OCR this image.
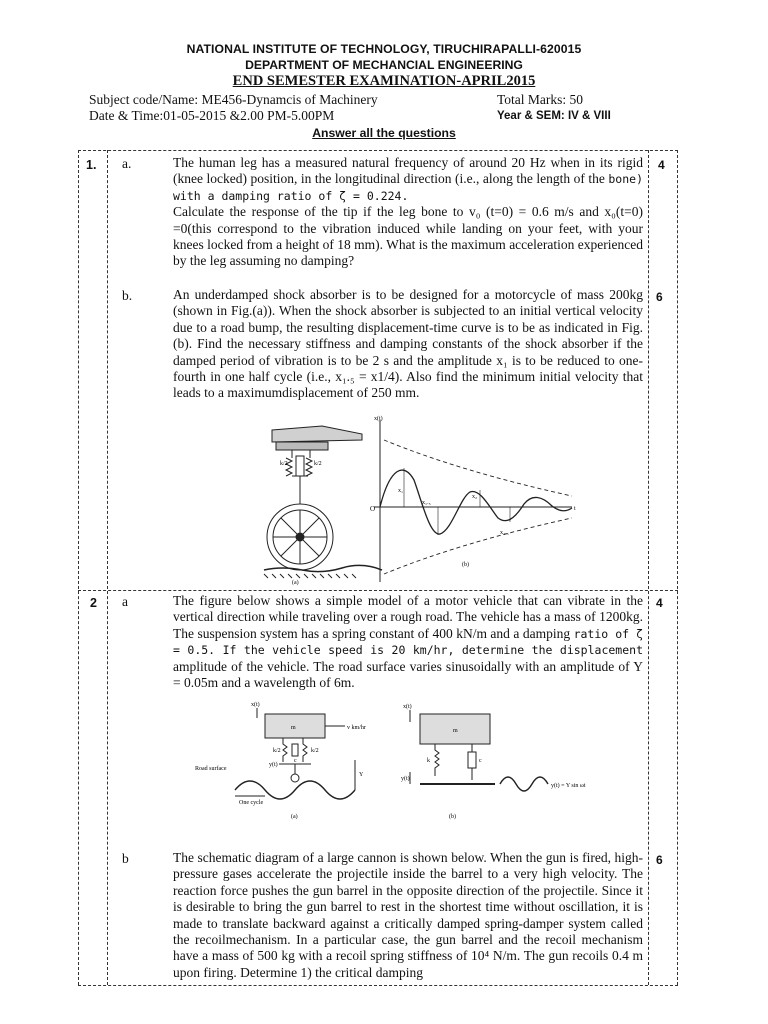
NATIONAL INSTITUTE OF TECHNOLOGY, TIRUCHIRAPALLI-620015
DEPARTMENT OF MECHANCIAL ENGINEERING
END SEMESTER EXAMINATION-APRIL2015
Subject code/Name: ME456-Dynamcis of Machinery	Total Marks: 50
Date & Time:01-05-2015 &2.00 PM-5.00PM	Year & SEM: IV & VIII
Answer all the questions
1. a.	4

The human leg has a measured natural frequency of around 20 Hz when in its rigid (knee locked) position, in the longitudinal direction (i.e., along the length of the bone) with a damping ratio of ζ = 0.224.

Calculate the response of the tip if the leg bone to v₀ (t=0) = 0.6 m/s and x₀(t=0) =0(this correspond to the vibration induced while landing on your feet, with your knees locked from a height of 18 mm). What is the maximum acceleration experienced by the leg assuming no damping?

b.	6

An underdamped shock absorber is to be designed for a motorcycle of mass 200kg (shown in Fig.(a)). When the shock absorber is subjected to an initial vertical velocity due to a road bump, the resulting displacement-time curve is to be as indicated in Fig.(b). Find the necessary stiffness and damping constants of the shock absorber if the damped period of vibration is to be 2 s and the amplitude x₁ is to be reduced to one-fourth in one half cycle (i.e., x₁.₅ = x1/4). Also find the minimum initial velocity that leads to a maximumdisplacement of 250 mm.

k/2	k/2
x(t)
O
x₁
x₂
x₁.₅
x₂.₅
t
(a)
(b)
2 a	4

The figure below shows a simple model of a motor vehicle that can vibrate in the vertical direction while traveling over a rough road. The vehicle has a mass of 1200kg. The suspension system has a spring constant of 400 kN/m and a damping ratio of ζ = 0.5. If the vehicle speed is 20 km/hr, determine the displacement amplitude of the vehicle. The road surface varies sinusoidally with an amplitude of Y = 0.05m and a wavelength of 6m.

x(t)
m	v km/hr
k/2
c
k/2
y(t)
Road surface
Y
One cycle
(a)
x(t)
m
k	c
y(t)
y(t) = Y sin ωt
(b)
b	6

The schematic diagram of a large cannon is shown below. When the gun is fired, high-pressure gases accelerate the projectile inside the barrel to a very high velocity. The reaction force pushes the gun barrel in the opposite direction of the projectile. Since it is desirable to bring the gun barrel to rest in the shortest time without oscillation, it is made to translate backward against a critically damped spring-damper system called the recoilmechanism. In a particular case, the gun barrel and the recoil mechanism have a mass of 500 kg with a recoil spring stiffness of 10⁴ N/m. The gun recoils 0.4 m upon firing. Determine 1) the critical damping
